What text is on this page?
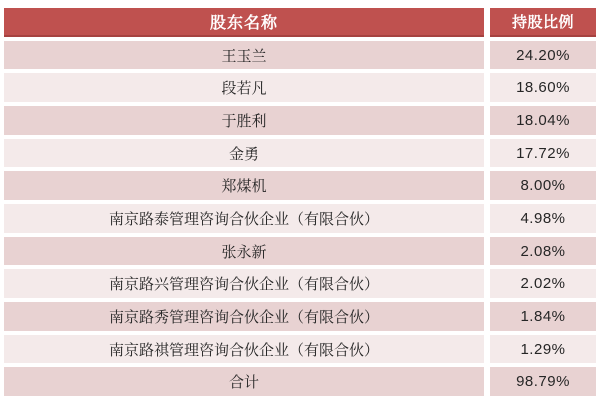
股东名称	持股比例
王玉兰	24.20%
段若凡	18.60%
于胜利	18.04%
金勇	17.72%
郑煤机	8.00%
南京路泰管理咨询合伙企业（有限合伙）	4.98%
张永新	2.08%
南京路兴管理咨询合伙企业（有限合伙）	2.02%
南京路秀管理咨询合伙企业（有限合伙）	1.84%
南京路祺管理咨询合伙企业（有限合伙）	1.29%
合计	98.79%
